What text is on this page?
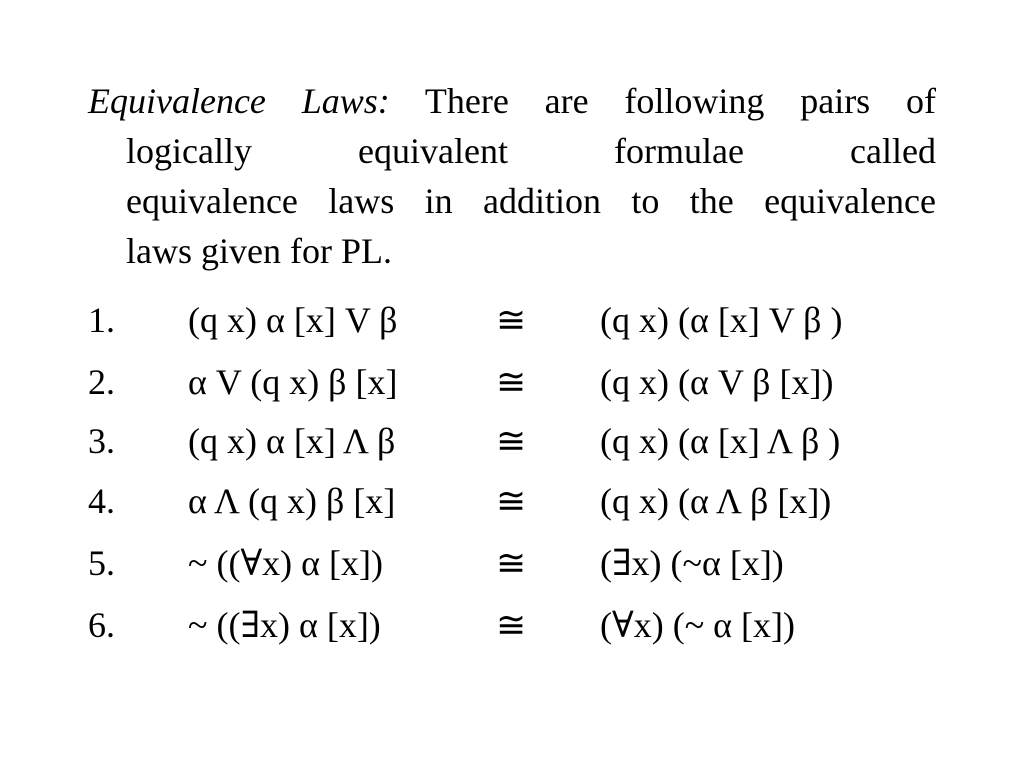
Equivalence Laws: There are following pairs of
logically equivalent formulae called
equivalence laws in addition to the equivalence
laws given for PL.
1. (q x) α [x] V β	≅ (q x) (α [x] V β )
2. α V (q x) β [x]	≅ (q x) (α V β [x])
3. (q x) α [x] Λ β	≅ (q x) (α [x] Λ β )
4. α Λ (q x) β [x]	≅ (q x) (α Λ β [x])
5. ~ ((∀x) α [x])	≅ (∃x) (~α [x])
6. ~ ((∃x) α [x])	≅ (∀x) (~ α [x])
